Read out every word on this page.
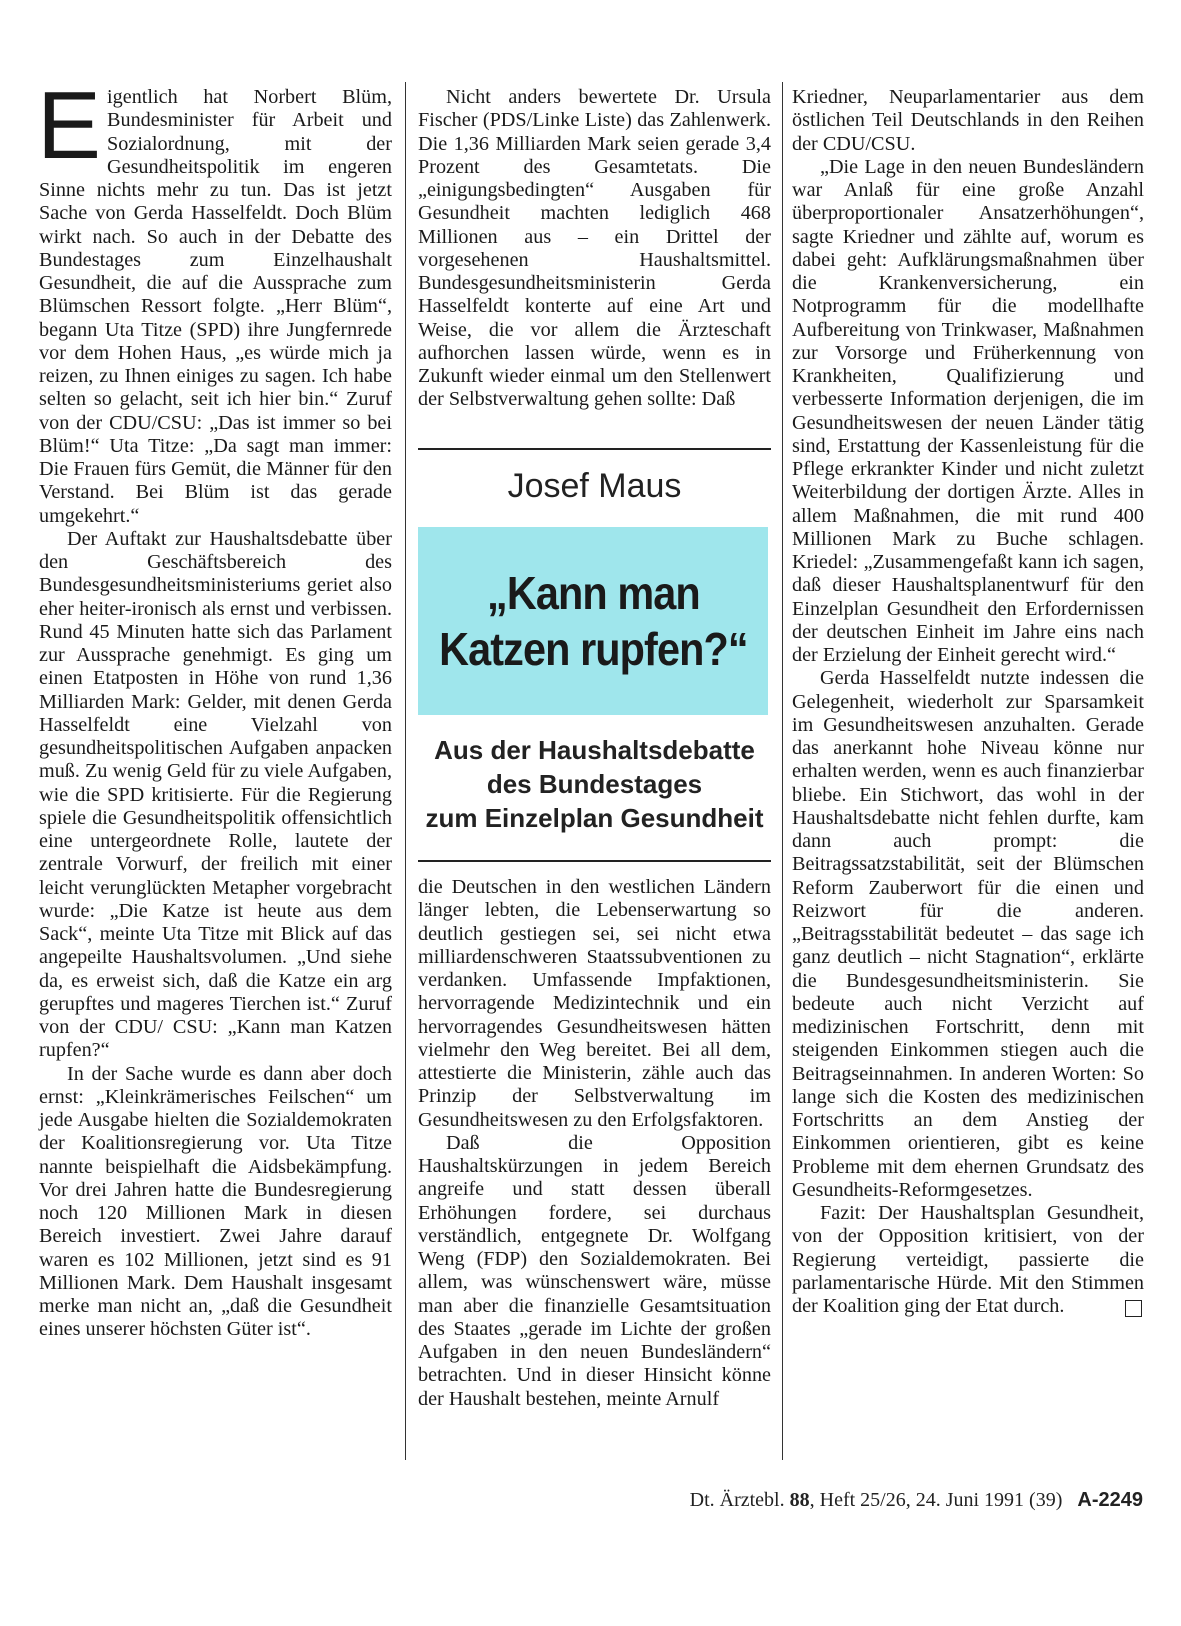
Eigentlich hat Norbert Blüm, Bundesminister für Arbeit und Sozialordnung, mit der Gesundheitspolitik im engeren Sinne nichts mehr zu tun. Das ist jetzt Sache von Gerda Hasselfeldt. Doch Blüm wirkt nach. So auch in der Debatte des Bundestages zum Einzelhaushalt Gesundheit, die auf die Aussprache zum Blümschen Ressort folgte. „Herr Blüm“, begann Uta Titze (SPD) ihre Jungfernrede vor dem Hohen Haus, „es würde mich ja reizen, zu Ihnen einiges zu sagen. Ich habe selten so gelacht, seit ich hier bin.“ Zuruf von der CDU/CSU: „Das ist immer so bei Blüm!“ Uta Titze: „Da sagt man immer: Die Frauen fürs Gemüt, die Männer für den Verstand. Bei Blüm ist das gerade umgekehrt.“

Der Auftakt zur Haushaltsdebatte über den Geschäftsbereich des Bundesgesundheitsministeriums geriet also eher heiter-ironisch als ernst und verbissen. Rund 45 Minuten hatte sich das Parlament zur Aussprache genehmigt. Es ging um einen Etatposten in Höhe von rund 1,36 Milliarden Mark: Gelder, mit denen Gerda Hasselfeldt eine Vielzahl von gesundheitspolitischen Aufgaben anpacken muß. Zu wenig Geld für zu viele Aufgaben, wie die SPD kritisierte. Für die Regierung spiele die Gesundheitspolitik offensichtlich eine untergeordnete Rolle, lautete der zentrale Vorwurf, der freilich mit einer leicht verunglückten Metapher vorgebracht wurde: „Die Katze ist heute aus dem Sack“, meinte Uta Titze mit Blick auf das angepeilte Haushaltsvolumen. „Und siehe da, es erweist sich, daß die Katze ein arg gerupftes und mageres Tierchen ist.“ Zuruf von der CDU/ CSU: „Kann man Katzen rupfen?“

In der Sache wurde es dann aber doch ernst: „Kleinkrämerisches Feilschen“ um jede Ausgabe hielten die Sozialdemokraten der Koalitionsregierung vor. Uta Titze nannte beispielhaft die Aidsbekämpfung. Vor drei Jahren hatte die Bundesregierung noch 120 Millionen Mark in diesen Bereich investiert. Zwei Jahre darauf waren es 102 Millionen, jetzt sind es 91 Millionen Mark. Dem Haushalt insgesamt merke man nicht an, „daß die Gesundheit eines unserer höchsten Güter ist“.

Nicht anders bewertete Dr. Ursula Fischer (PDS/Linke Liste) das Zahlenwerk. Die 1,36 Milliarden Mark seien gerade 3,4 Prozent des Gesamtetats. Die „einigungsbedingten“ Ausgaben für Gesundheit machten lediglich 468 Millionen aus – ein Drittel der vorgesehenen Haushaltsmittel. Bundesgesundheitsministerin Gerda Hasselfeldt konterte auf eine Art und Weise, die vor allem die Ärzteschaft aufhorchen lassen würde, wenn es in Zukunft wieder einmal um den Stellenwert der Selbstverwaltung gehen sollte: Daß

Josef Maus
„Kann man
Katzen rupfen?“
Aus der Haushaltsdebatte
des Bundestages
zum Einzelplan Gesundheit

die Deutschen in den westlichen Ländern länger lebten, die Lebenserwartung so deutlich gestiegen sei, sei nicht etwa milliardenschweren Staatssubventionen zu verdanken. Umfassende Impfaktionen, hervorragende Medizintechnik und ein hervorragendes Gesundheitswesen hätten vielmehr den Weg bereitet. Bei all dem, attestierte die Ministerin, zähle auch das Prinzip der Selbstverwaltung im Gesundheitswesen zu den Erfolgsfaktoren.

Daß die Opposition Haushaltskürzungen in jedem Bereich angreife und statt dessen überall Erhöhungen fordere, sei durchaus verständlich, entgegnete Dr. Wolfgang Weng (FDP) den Sozialdemokraten. Bei allem, was wünschenswert wäre, müsse man aber die finanzielle Gesamtsituation des Staates „gerade im Lichte der großen Aufgaben in den neuen Bundesländern“ betrachten. Und in dieser Hinsicht könne der Haushalt bestehen, meinte Arnulf

Kriedner, Neuparlamentarier aus dem östlichen Teil Deutschlands in den Reihen der CDU/CSU.

„Die Lage in den neuen Bundesländern war Anlaß für eine große Anzahl überproportionaler Ansatzerhöhungen“, sagte Kriedner und zählte auf, worum es dabei geht: Aufklärungsmaßnahmen über die Krankenversicherung, ein Notprogramm für die modellhafte Aufbereitung von Trinkwaser, Maßnahmen zur Vorsorge und Früherkennung von Krankheiten, Qualifizierung und verbesserte Information derjenigen, die im Gesundheitswesen der neuen Länder tätig sind, Erstattung der Kassenleistung für die Pflege erkrankter Kinder und nicht zuletzt Weiterbildung der dortigen Ärzte. Alles in allem Maßnahmen, die mit rund 400 Millionen Mark zu Buche schlagen. Kriedel: „Zusammengefaßt kann ich sagen, daß dieser Haushaltsplanentwurf für den Einzelplan Gesundheit den Erfordernissen der deutschen Einheit im Jahre eins nach der Erzielung der Einheit gerecht wird.“

Gerda Hasselfeldt nutzte indessen die Gelegenheit, wiederholt zur Sparsamkeit im Gesundheitswesen anzuhalten. Gerade das anerkannt hohe Niveau könne nur erhalten werden, wenn es auch finanzierbar bliebe. Ein Stichwort, das wohl in der Haushaltsdebatte nicht fehlen durfte, kam dann auch prompt: die Beitragssatzstabilität, seit der Blümschen Reform Zauberwort für die einen und Reizwort für die anderen. „Beitragsstabilität bedeutet – das sage ich ganz deutlich – nicht Stagnation“, erklärte die Bundesgesundheitsministerin. Sie bedeute auch nicht Verzicht auf medizinischen Fortschritt, denn mit steigenden Einkommen stiegen auch die Beitragseinnahmen. In anderen Worten: So lange sich die Kosten des medizinischen Fortschritts an dem Anstieg der Einkommen orientieren, gibt es keine Probleme mit dem ehernen Grundsatz des Gesundheits-Reformgesetzes.

Fazit: Der Haushaltsplan Gesundheit, von der Opposition kritisiert, von der Regierung verteidigt, passierte die parlamentarische Hürde. Mit den Stimmen der Koalition ging der Etat durch.

Dt. Ärztebl. 88, Heft 25/26, 24. Juni 1991 (39) A-2249
